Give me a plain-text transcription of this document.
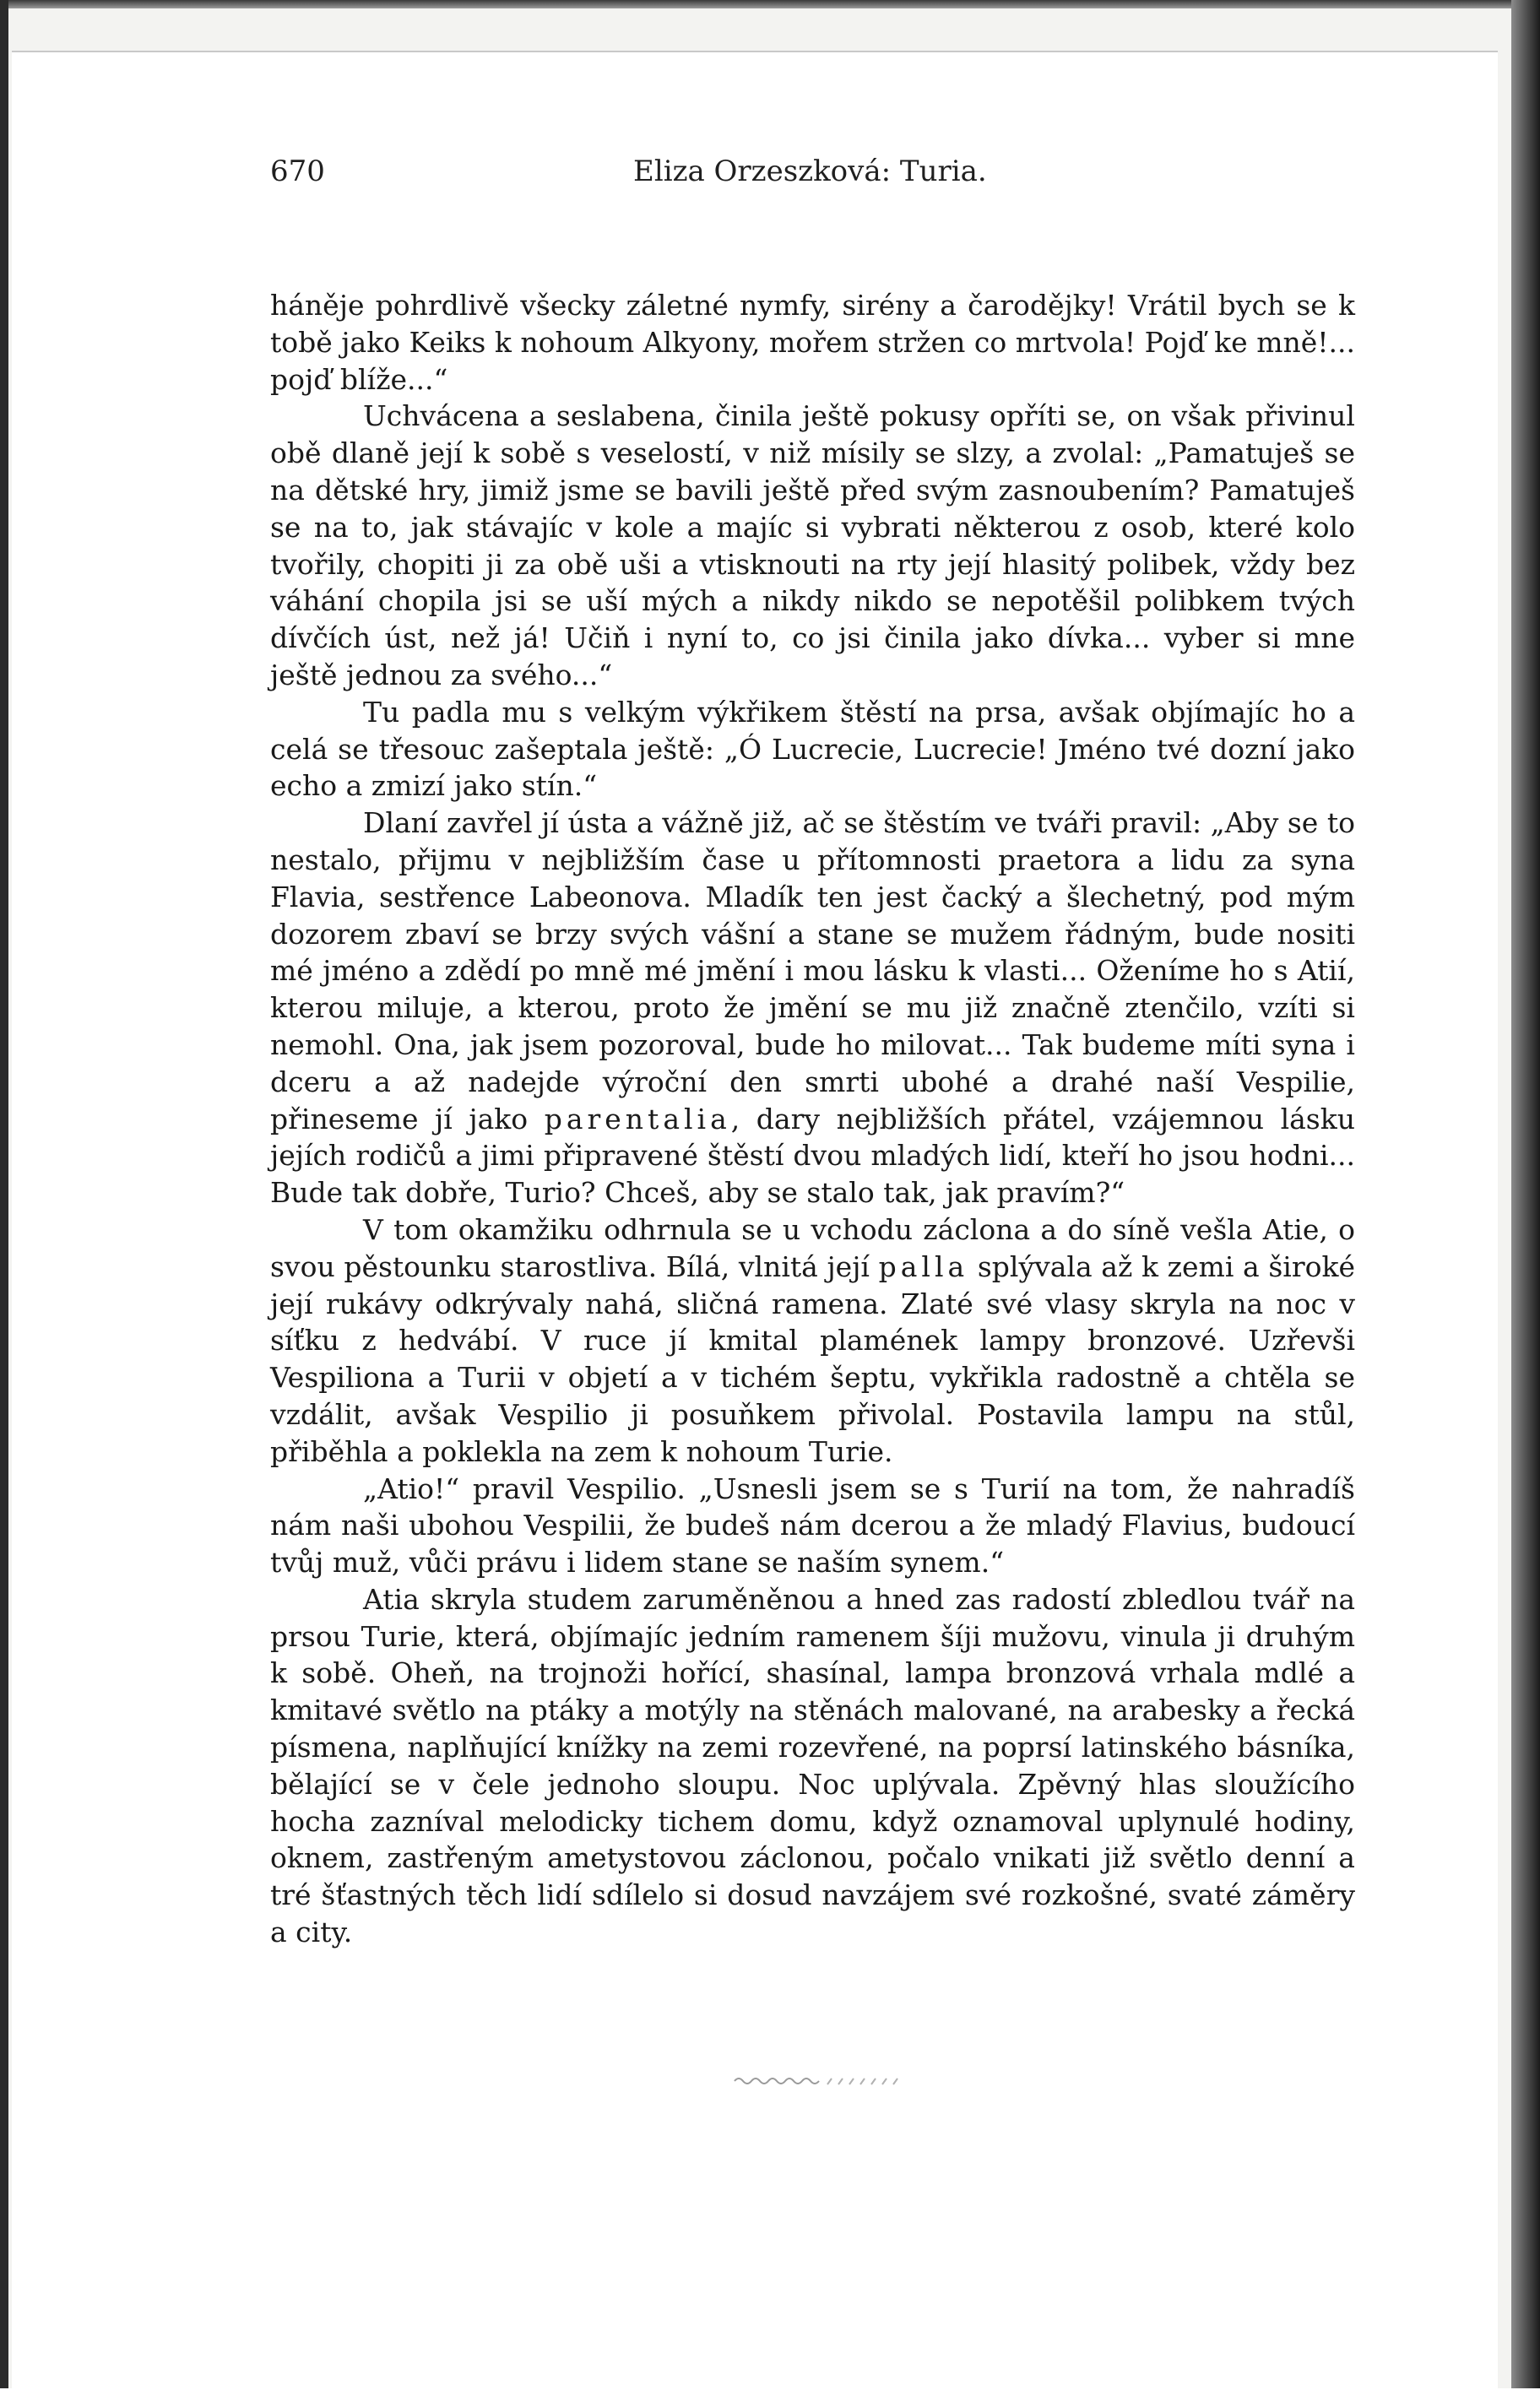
670	Eliza Orzeszková: Turia.

háněje pohrdlivě všecky záletné nymfy, sirény a čarodějky! Vrátil bych se k tobě jako Keiks k nohoum Alkyony, mořem stržen co mrtvola! Pojď ke mně!... pojď blíže...“

Uchvácena a seslabena, činila ještě pokusy opříti se, on však přivinul obě dlaně její k sobě s veselostí, v niž mísily se slzy, a zvolal: „Pamatuješ se na dětské hry, jimiž jsme se bavili ještě před svým zasnoubením? Pamatuješ se na to, jak stávajíc v kole a majíc si vybrati některou z osob, které kolo tvořily, chopiti ji za obě uši a vtisknouti na rty její hlasitý polibek, vždy bez váhání chopila jsi se uší mých a nikdy nikdo se nepotěšil polibkem tvých dívčích úst, než já! Učiň i nyní to, co jsi činila jako dívka... vyber si mne ještě jednou za svého...“

Tu padla mu s velkým výkřikem štěstí na prsa, avšak objímajíc ho a celá se třesouc zašeptala ještě: „Ó Lucrecie, Lucrecie! Jméno tvé dozní jako echo a zmizí jako stín.“

Dlaní zavřel jí ústa a vážně již, ač se štěstím ve tváři pravil: „Aby se to nestalo, přijmu v nejbližším čase u přítomnosti praetora a lidu za syna Flavia, sestřence Labeonova. Mladík ten jest čacký a šlechetný, pod mým dozorem zbaví se brzy svých vášní a stane se mužem řádným, bude nositi mé jméno a zdědí po mně mé jmění i mou lásku k vlasti... Oženíme ho s Atií, kterou miluje, a kterou, proto že jmění se mu již značně ztenčilo, vzíti si nemohl. Ona, jak jsem pozoroval, bude ho milovat... Tak budeme míti syna i dceru a až nadejde výroční den smrti ubohé a drahé naší Vespilie, přineseme jí jako parentalia, dary nejbližších přátel, vzájemnou lásku jejích rodičů a jimi připravené štěstí dvou mladých lidí, kteří ho jsou hodni... Bude tak dobře, Turio? Chceš, aby se stalo tak, jak pravím?“

V tom okamžiku odhrnula se u vchodu záclona a do síně vešla Atie, o svou pěstounku starostliva. Bílá, vlnitá její palla splývala až k zemi a široké její rukávy odkrývaly nahá, sličná ramena. Zlaté své vlasy skryla na noc v síťku z hedvábí. V ruce jí kmital plamének lampy bronzové. Uzřevši Vespiliona a Turii v objetí a v tichém šeptu, vykřikla radostně a chtěla se vzdálit, avšak Vespilio ji posuňkem přivolal. Postavila lampu na stůl, přiběhla a poklekla na zem k nohoum Turie.

„Atio!“ pravil Vespilio. „Usnesli jsem se s Turií na tom, že nahradíš nám naši ubohou Vespilii, že budeš nám dcerou a že mladý Flavius, budoucí tvůj muž, vůči právu i lidem stane se naším synem.“

Atia skryla studem zaruměněnou a hned zas radostí zbledlou tvář na prsou Turie, která, objímajíc jedním ramenem šíji mužovu, vinula ji druhým k sobě. Oheň, na trojnoži hořící, shasínal, lampa bronzová vrhala mdlé a kmitavé světlo na ptáky a motýly na stěnách malované, na arabesky a řecká písmena, naplňující knížky na zemi rozevřené, na poprsí latinského básníka, bělající se v čele jednoho sloupu. Noc uplývala. Zpěvný hlas sloužícího hocha zazníval melodicky tichem domu, když oznamoval uplynulé hodiny, oknem, zastřeným ametystovou záclonou, počalo vnikati již světlo denní a tré šťastných těch lidí sdílelo si dosud navzájem své rozkošné, svaté záměry a city.
